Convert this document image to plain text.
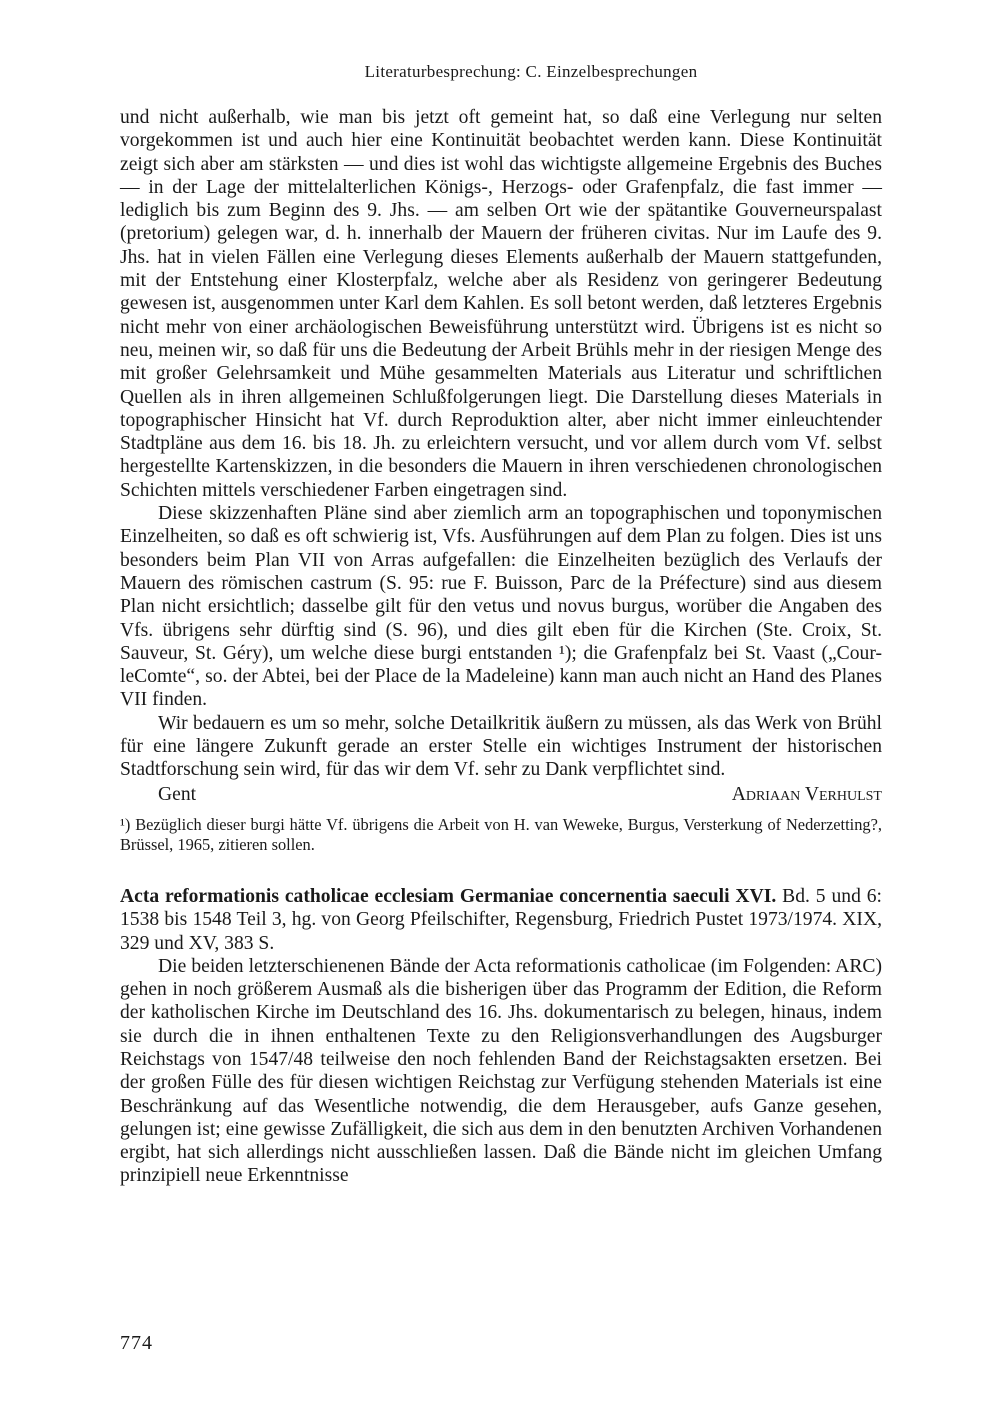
Literaturbesprechung: C. Einzelbesprechungen

und nicht außerhalb, wie man bis jetzt oft gemeint hat, so daß eine Verlegung nur selten vorgekommen ist und auch hier eine Kontinuität beobachtet werden kann. Diese Kontinuität zeigt sich aber am stärksten — und dies ist wohl das wichtigste allgemeine Ergebnis des Buches — in der Lage der mittelalterlichen Königs-, Herzogs- oder Grafenpfalz, die fast immer — lediglich bis zum Beginn des 9. Jhs. — am selben Ort wie der spätantike Gouverneurspalast (pretorium) gelegen war, d. h. innerhalb der Mauern der früheren civitas. Nur im Laufe des 9. Jhs. hat in vielen Fällen eine Verlegung dieses Elements außerhalb der Mauern stattgefunden, mit der Entstehung einer Klosterpfalz, welche aber als Residenz von geringerer Bedeutung gewesen ist, ausgenommen unter Karl dem Kahlen. Es soll betont werden, daß letzteres Ergebnis nicht mehr von einer archäologischen Beweisführung unterstützt wird. Übrigens ist es nicht so neu, meinen wir, so daß für uns die Bedeutung der Arbeit Brühls mehr in der riesigen Menge des mit großer Gelehrsamkeit und Mühe gesammelten Materials aus Literatur und schriftlichen Quellen als in ihren allgemeinen Schlußfolgerungen liegt. Die Darstellung dieses Materials in topographischer Hinsicht hat Vf. durch Reproduktion alter, aber nicht immer einleuchtender Stadtpläne aus dem 16. bis 18. Jh. zu erleichtern versucht, und vor allem durch vom Vf. selbst hergestellte Kartenskizzen, in die besonders die Mauern in ihren verschiedenen chronologischen Schichten mittels verschiedener Farben eingetragen sind.

Diese skizzenhaften Pläne sind aber ziemlich arm an topographischen und toponymischen Einzelheiten, so daß es oft schwierig ist, Vfs. Ausführungen auf dem Plan zu folgen. Dies ist uns besonders beim Plan VII von Arras aufgefallen: die Einzelheiten bezüglich des Verlaufs der Mauern des römischen castrum (S. 95: rue F. Buisson, Parc de la Préfecture) sind aus diesem Plan nicht ersichtlich; dasselbe gilt für den vetus und novus burgus, worüber die Angaben des Vfs. übrigens sehr dürftig sind (S. 96), und dies gilt eben für die Kirchen (Ste. Croix, St. Sauveur, St. Géry), um welche diese burgi entstanden ¹); die Grafenpfalz bei St. Vaast („Cour-leComte“, so. der Abtei, bei der Place de la Madeleine) kann man auch nicht an Hand des Planes VII finden.

Wir bedauern es um so mehr, solche Detailkritik äußern zu müssen, als das Werk von Brühl für eine längere Zukunft gerade an erster Stelle ein wichtiges Instrument der historischen Stadtforschung sein wird, für das wir dem Vf. sehr zu Dank verpflichtet sind.

Gent	Adriaan Verhulst
¹) Bezüglich dieser burgi hätte Vf. übrigens die Arbeit von H. van Weweke, Burgus, Versterkung of Nederzetting?, Brüssel, 1965, zitieren sollen.
Acta reformationis catholicae ecclesiam Germaniae concernentia saeculi XVI. Bd. 5 und 6: 1538 bis 1548 Teil 3, hg. von Georg Pfeilschifter, Regensburg, Friedrich Pustet 1973/1974. XIX, 329 und XV, 383 S.

Die beiden letzterschienenen Bände der Acta reformationis catholicae (im Folgenden: ARC) gehen in noch größerem Ausmaß als die bisherigen über das Programm der Edition, die Reform der katholischen Kirche im Deutschland des 16. Jhs. dokumentarisch zu belegen, hinaus, indem sie durch die in ihnen enthaltenen Texte zu den Religionsverhandlungen des Augsburger Reichstags von 1547/48 teilweise den noch fehlenden Band der Reichstagsakten ersetzen. Bei der großen Fülle des für diesen wichtigen Reichstag zur Verfügung stehenden Materials ist eine Beschränkung auf das Wesentliche notwendig, die dem Herausgeber, aufs Ganze gesehen, gelungen ist; eine gewisse Zufälligkeit, die sich aus dem in den benutzten Archiven Vorhandenen ergibt, hat sich allerdings nicht ausschließen lassen. Daß die Bände nicht im gleichen Umfang prinzipiell neue Erkenntnisse

774
